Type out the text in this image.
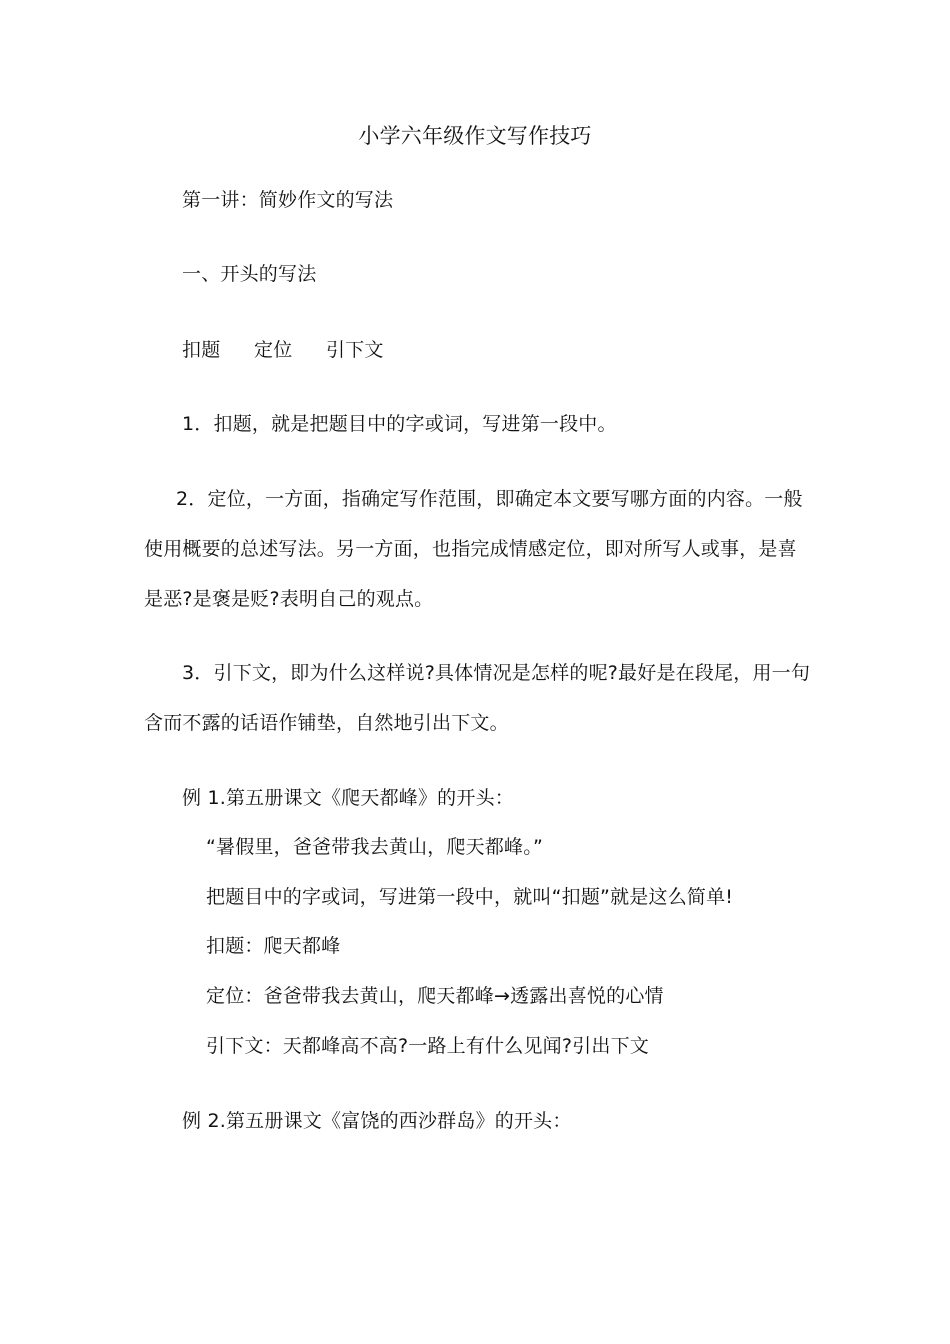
小学六年级作文写作技巧
第一讲：简妙作文的写法
一、开头的写法
扣题 定位 引下文
1．扣题，就是把题目中的字或词，写进第一段中。
2．定位，一方面，指确定写作范围，即确定本文要写哪方面的内容。一般
使用概要的总述写法。另一方面，也指完成情感定位，即对所写人或事，是喜
是恶?是褒是贬?表明自己的观点。
3．引下文，即为什么这样说?具体情况是怎样的呢?最好是在段尾，用一句
含而不露的话语作铺垫，自然地引出下文。
例 1.第五册课文《爬天都峰》的开头：
“暑假里，爸爸带我去黄山，爬天都峰。”
把题目中的字或词，写进第一段中，就叫“扣题”就是这么简单!
扣题：爬天都峰
定位：爸爸带我去黄山，爬天都峰→透露出喜悦的心情
引下文：天都峰高不高?一路上有什么见闻?引出下文
例 2.第五册课文《富饶的西沙群岛》的开头：
